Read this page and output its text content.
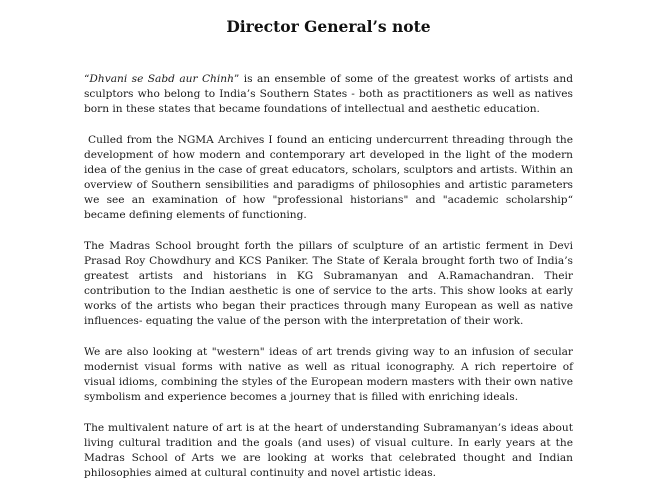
Director General’s note

“Dhvani se Sabd aur Chinh” is an ensemble of some of the greatest works of artists and sculptors who belong to India’s Southern States - both as practitioners as well as natives born in these states that became foundations of intellectual and aesthetic education.

Culled from the NGMA Archives I found an enticing undercurrent threading through the development of how modern and contemporary art developed in the light of the modern idea of the genius in the case of great educators, scholars, sculptors and artists. Within an overview of Southern sensibilities and paradigms of philosophies and artistic parameters   we see an examination of how "professional historians" and "academic scholarship“ became defining elements of functioning.

The Madras School brought forth the pillars of sculpture of an artistic ferment in Devi Prasad Roy Chowdhury and KCS Paniker. The State of Kerala brought forth two of India’s greatest artists and historians in KG Subramanyan and A.Ramachandran. Their contribution to the Indian aesthetic is one of service to the arts. This show looks at early works of the artists who began their practices through many European as well as native influences- equating the value of the person with the interpretation of their work.

We are also looking at "western" ideas of art trends giving way to an infusion of secular modernist visual forms with native as well as ritual iconography. A rich repertoire of visual idioms, combining the styles of the European modern masters with their own native symbolism and experience becomes a journey that is filled with enriching ideals.

The multivalent nature of art is at the heart of understanding Subramanyan’s ideas about living cultural tradition and the goals (and uses) of visual culture. In early years at the Madras School of Arts we are looking at works that celebrated thought and Indian philosophies aimed at cultural continuity and novel artistic ideas.
